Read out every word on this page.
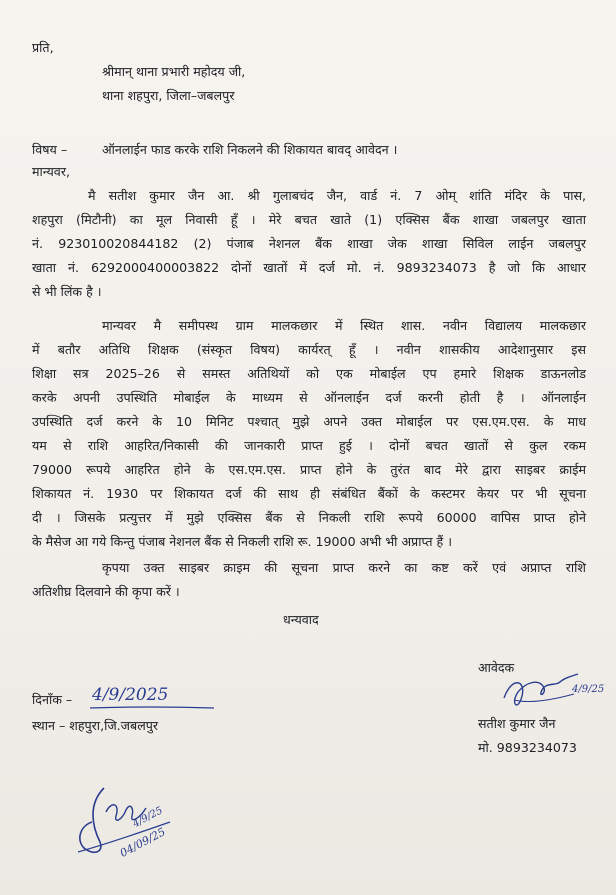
प्रति,
श्रीमान् थाना प्रभारी महोदय जी,
थाना शहपुरा, जिला–जबलपुर
विषय –	ऑनलाईन फाड करके राशि निकलने की शिकायत बावद् आवेदन ।
मान्यवर,
मै सतीश कुमार जैन आ. श्री गुलाबचंद जैन, वार्ड नं. 7 ओम् शांति मंदिर के पास,
शहपुरा (मिटौनी) का मूल निवासी हूँ । मेरे बचत खाते (1) एक्सिस बैंक शाखा जबलपुर खाता
नं. 923010020844182 (2) पंजाब नेशनल बैंक शाखा जेक शाखा सिविल लाईन जबलपुर
खाता नं. 6292000400003822 दोनों खातों में दर्ज मो. नं. 9893234073 है जो कि आधार
से भी लिंक है ।
मान्यवर मै समीपस्थ ग्राम मालकछार में स्थित शास. नवीन विद्यालय मालकछार
में बतौर अतिथि शिक्षक (संस्कृत विषय) कार्यरत् हूँ । नवीन शासकीय आदेशानुसार इस
शिक्षा सत्र 2025–26 से समस्त अतिथियों को एक मोबाईल एप हमारे शिक्षक डाऊनलोड
करके अपनी उपस्थिति मोबाईल के माध्यम से ऑनलाईन दर्ज करनी होती है । ऑनलाईन
उपस्थिति दर्ज करने के 10 मिनिट पश्चात् मुझे अपने उक्त मोबाईल पर एस.एम.एस. के माध
यम से राशि आहरित/निकासी की जानकारी प्राप्त हुई । दोनों बचत खातों से कुल रकम
79000 रूपये आहरित होने के एस.एम.एस. प्राप्त होने के तुरंत बाद मेरे द्वारा साइबर क्राईम
शिकायत नं. 1930 पर शिकायत दर्ज की साथ ही संबंधित बैंकों के कस्टमर केयर पर भी सूचना
दी । जिसके प्रत्युत्तर में मुझे एक्सिस बैंक से निकली राशि रूपये 60000 वापिस प्राप्त होने
के मैसेज आ गये किन्तु पंजाब नेशनल बैंक से निकली राशि रू. 19000 अभी भी अप्राप्त हैं ।
कृपया उक्त साइबर क्राइम की सूचना प्राप्त करने का कष्ट करें एवं अप्राप्त राशि
अतिशीघ्र दिलवाने की कृपा करें ।
धन्यवाद
दिनाँक – 4/9/2025
स्थान – शहपुरा,जि.जबलपुर
आवेदक
4/9/25
सतीश कुमार जैन
मो. 9893234073
4/9/25
04/09/25
